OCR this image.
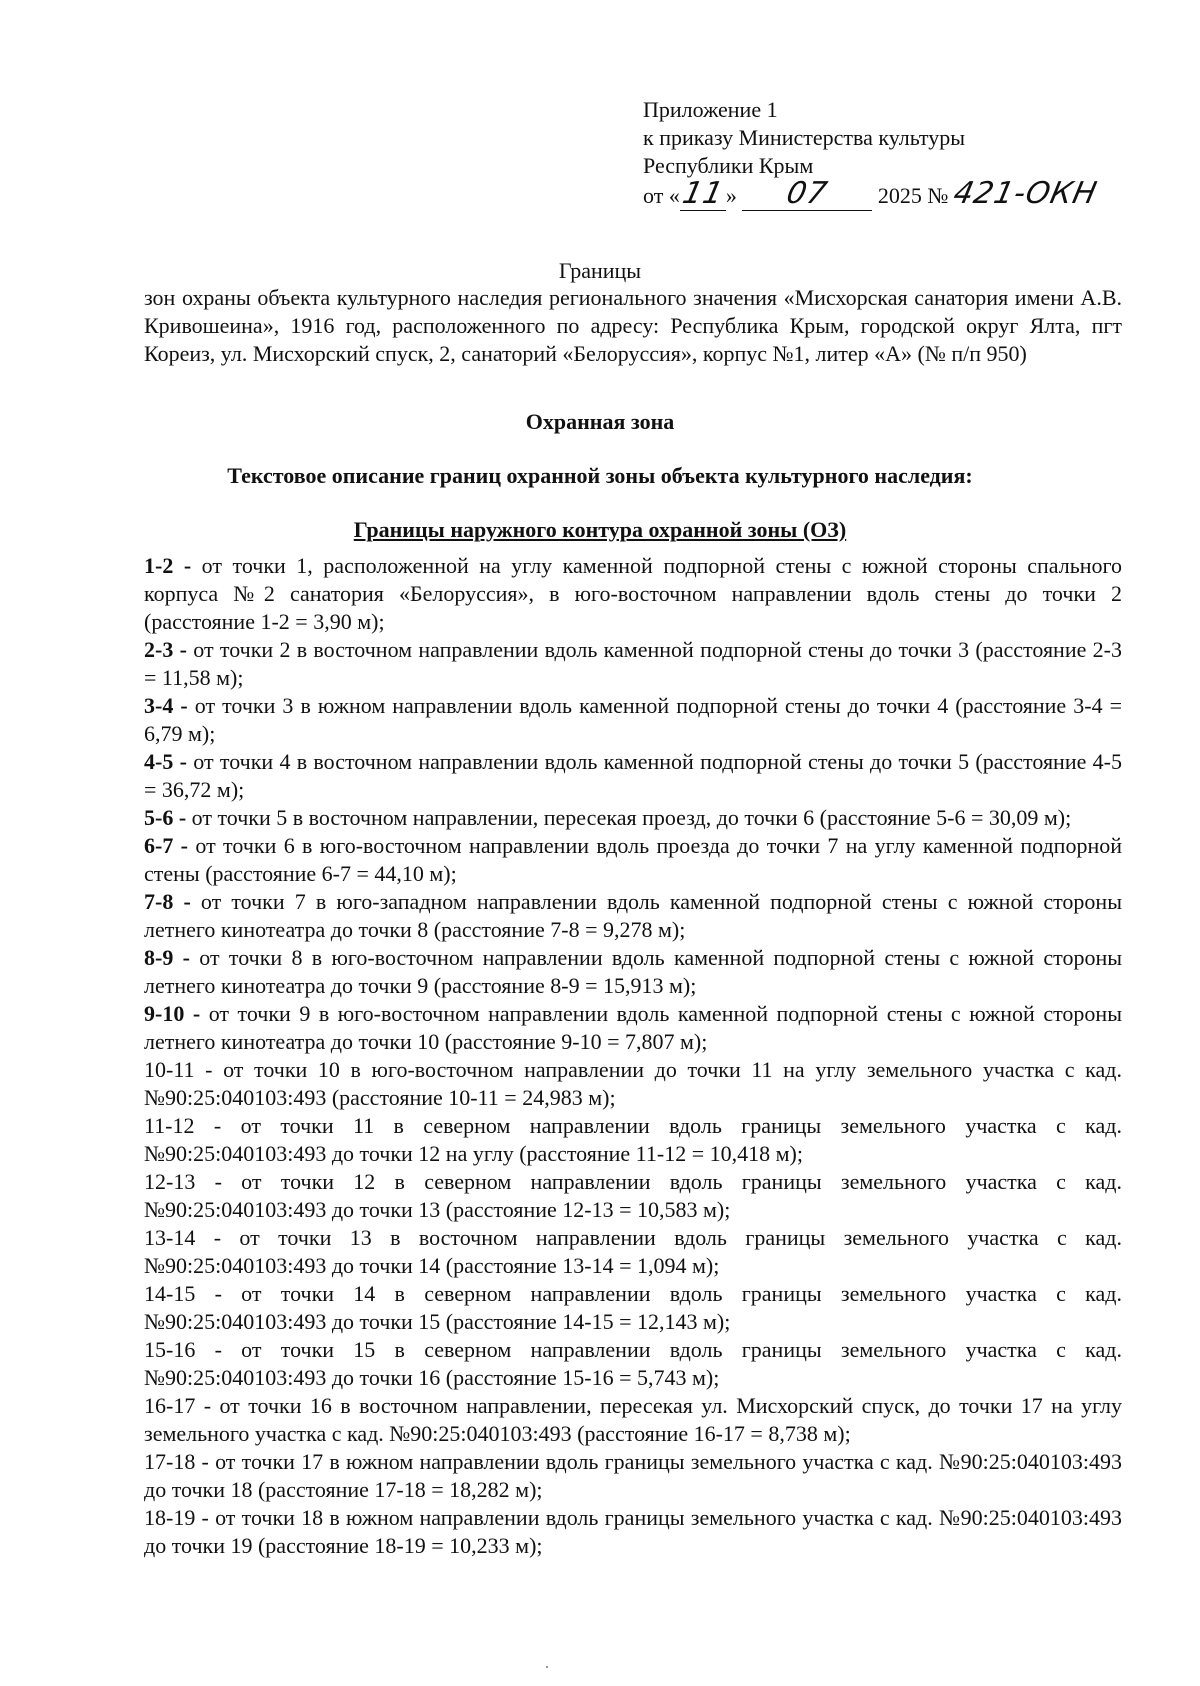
Приложение 1
к приказу Министерства культуры
Республики Крым
от «11» 07 2025 № 421-ОКН
Границы
зон охраны объекта культурного наследия регионального значения «Мисхорская санатория имени А.В. Кривошеина», 1916 год, расположенного по адресу: Республика Крым, городской округ Ялта, пгт Кореиз, ул. Мисхорский спуск, 2, санаторий «Белоруссия», корпус №1, литер «А» (№ п/п 950)
Охранная зона
Текстовое описание границ охранной зоны объекта культурного наследия:
Границы наружного контура охранной зоны (ОЗ)

1-2 - от точки 1, расположенной на углу каменной подпорной стены с южной стороны спального корпуса №2 санатория «Белоруссия», в юго-восточном направлении вдоль стены до точки 2 (расстояние 1-2 = 3,90 м);

2-3 - от точки 2 в восточном направлении вдоль каменной подпорной стены до точки 3 (расстояние 2-3 = 11,58 м);

3-4 - от точки 3 в южном направлении вдоль каменной подпорной стены до точки 4 (расстояние 3-4 = 6,79 м);

4-5 - от точки 4 в восточном направлении вдоль каменной подпорной стены до точки 5 (расстояние 4-5 = 36,72 м);

5-6 - от точки 5 в восточном направлении, пересекая проезд, до точки 6 (расстояние 5-6 = 30,09 м);

6-7 - от точки 6 в юго-восточном направлении вдоль проезда до точки 7 на углу каменной подпорной стены (расстояние 6-7 = 44,10 м);

7-8 - от точки 7 в юго-западном направлении вдоль каменной подпорной стены с южной стороны летнего кинотеатра до точки 8 (расстояние 7-8 = 9,278 м);

8-9 - от точки 8 в юго-восточном направлении вдоль каменной подпорной стены с южной стороны летнего кинотеатра до точки 9 (расстояние 8-9 = 15,913 м);

9-10 - от точки 9 в юго-восточном направлении вдоль каменной подпорной стены с южной стороны летнего кинотеатра до точки 10 (расстояние 9-10 = 7,807 м);

10-11 - от точки 10 в юго-восточном направлении до точки 11 на углу земельного участка с кад. №90:25:040103:493 (расстояние 10-11 = 24,983 м);

11-12 - от точки 11 в северном направлении вдоль границы земельного участка с кад. №90:25:040103:493 до точки 12 на углу (расстояние 11-12 = 10,418 м);

12-13 - от точки 12 в северном направлении вдоль границы земельного участка с кад. №90:25:040103:493 до точки 13 (расстояние 12-13 = 10,583 м);

13-14 - от точки 13 в восточном направлении вдоль границы земельного участка с кад. №90:25:040103:493 до точки 14 (расстояние 13-14 = 1,094 м);

14-15 - от точки 14 в северном направлении вдоль границы земельного участка с кад. №90:25:040103:493 до точки 15 (расстояние 14-15 = 12,143 м);

15-16 - от точки 15 в северном направлении вдоль границы земельного участка с кад. №90:25:040103:493 до точки 16 (расстояние 15-16 = 5,743 м);

16-17 - от точки 16 в восточном направлении, пересекая ул. Мисхорский спуск, до точки 17 на углу земельного участка с кад. №90:25:040103:493 (расстояние 16-17 = 8,738 м);

17-18 - от точки 17 в южном направлении вдоль границы земельного участка с кад. №90:25:040103:493 до точки 18 (расстояние 17-18 = 18,282 м);

18-19 - от точки 18 в южном направлении вдоль границы земельного участка с кад. №90:25:040103:493 до точки 19 (расстояние 18-19 = 10,233 м);
